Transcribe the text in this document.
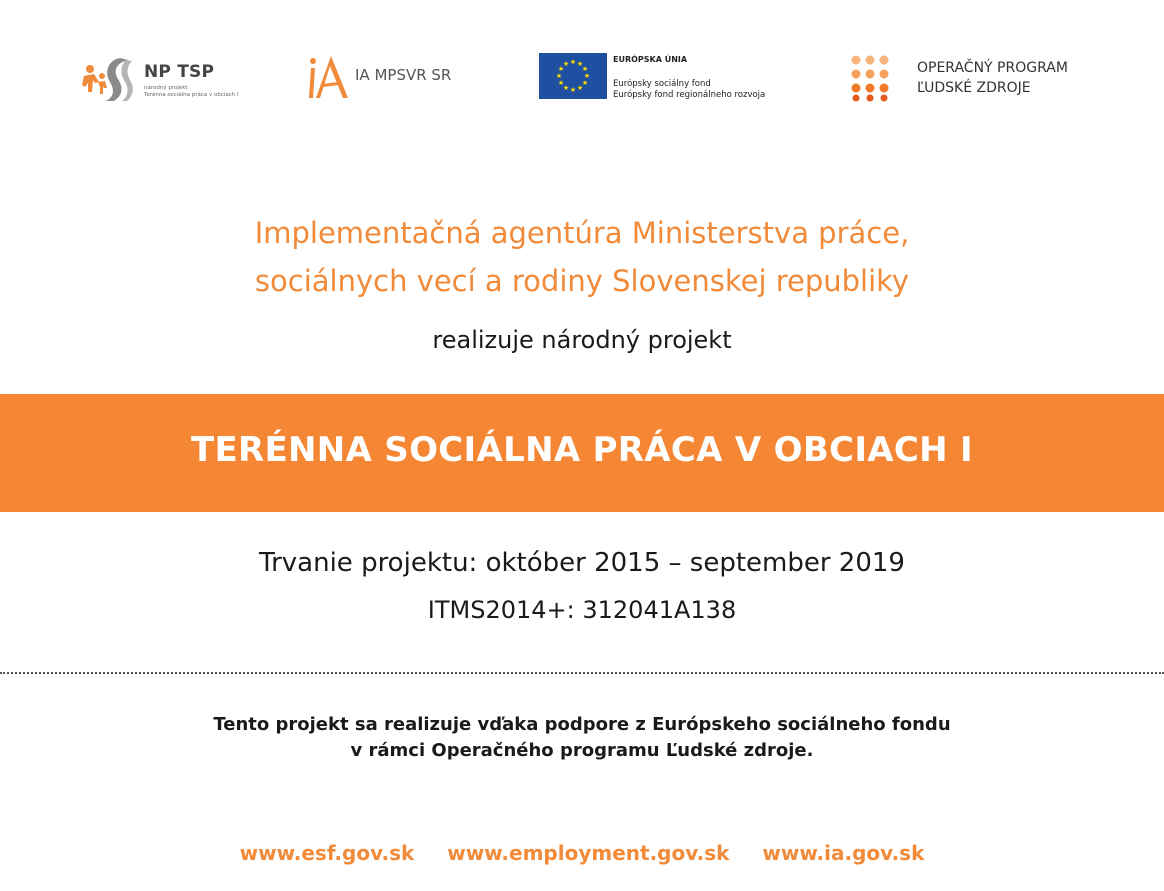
NP TSP
národný projekt
Terénna sociálna práca v obciach I
IA MPSVR SR
★ ★
★
★
★
★
★
★
★
★
★
★	EURÓPSKA ÚNIA
Európsky sociálny fond
Európsky fond regionálneho rozvoja
OPERAČNÝ PROGRAM
ĽUDSKÉ ZDROJE
Implementačná agentúra Ministerstva práce,
sociálnych vecí a rodiny Slovenskej republiky
realizuje národný projekt
TERÉNNA SOCIÁLNA PRÁCA V OBCIACH I
Trvanie projektu: október 2015 – september 2019
ITMS2014+: 312041A138
Tento projekt sa realizuje vďaka podpore z Európskeho sociálneho fondu
v rámci Operačného programu Ľudské zdroje.
www.esf.gov.sk www.employment.gov.sk www.ia.gov.sk
